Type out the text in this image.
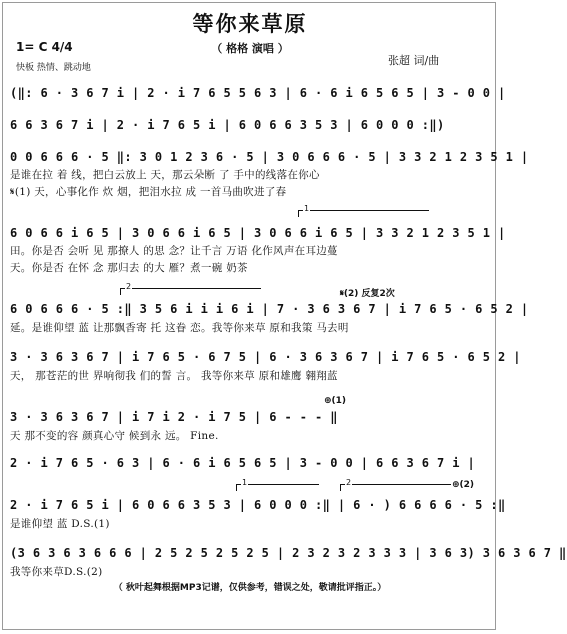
等你来草原
（ 格格 演唱 ）
1= C 4/4
快板 热情、跳动地
张超 词/曲
(‖: 6 · 3 6 7 i | 2 · i 7 6 5 5 6 3 | 6 · 6 i 6 5 6 5 | 3 - 0 0 |
6 6 3 6 7 i | 2 · i 7 6 5 i | 6 0 6 6 3 5 3 | 6 0 0 0 :‖)
0 0 6 6 6 · 5 ‖: 3 0 1 2 3 6 · 5 | 3 0 6 6 6 · 5 | 3 3 2 1 2 3 5 1 |
是谁在拉 着 线，把白云放上 天，那云朵断 了 手中的线落在你心
𝄋(1) 天，心事化作 炊 烟，把泪水拉 成 一首马曲吹进了春
1
6 0 6 6 i 6 5 | 3 0 6 6 i 6 5 | 3 0 6 6 i 6 5 | 3 3 2 1 2 3 5 1 |
田。你是否 会听 见 那撩人 的思 念？让千言 万语 化作风声在耳边蔓
天。你是否 在怀 念 那归去 的大 雁？煮一碗 奶茶
2
𝄋(2) 反复2次
6 0 6 6 6 · 5 :‖ 3 5 6 i i i 6 i | 7 · 3 6 3 6 7 | i 7 6 5 · 6 5 2 |
延。是谁仰望 蓝 让那飘香寄 托 这眷 恋。我等你来草 原和我策 马去明
3 · 3 6 3 6 7 | i 7 6 5 · 6 7 5 | 6 · 3 6 3 6 7 | i 7 6 5 · 6 5 2 |
天， 那苍茫的世 界响彻我 们的誓 言。 我等你来草 原和雄鹰 翱翔蓝
⊕(1)
3 · 3 6 3 6 7 | i 7 i 2 · i 7 5 | 6 - - - ‖
天 那不变的容 颜真心守 候到永 远。 Fine.
2 · i 7 6 5 · 6 3 | 6 · 6 i 6 5 6 5 | 3 - 0 0 | 6 6 3 6 7 i |
1	2	⊕(2)
2 · i 7 6 5 i | 6 0 6 6 3 5 3 | 6 0 0 0 :‖ | 6 · ) 6 6 6 6 · 5 :‖
是谁仰望 蓝 D.S.(1)
(3 6 3 6 3 6 6 6 | 2 5 2 5 2 5 2 5 | 2 3 2 3 2 3 3 3 | 3 6 3) 3 6 3 6 7 ‖
我等你来草D.S.(2)
（ 秋叶起舞根据MP3记谱，仅供参考，错误之处，敬请批评指正。）
